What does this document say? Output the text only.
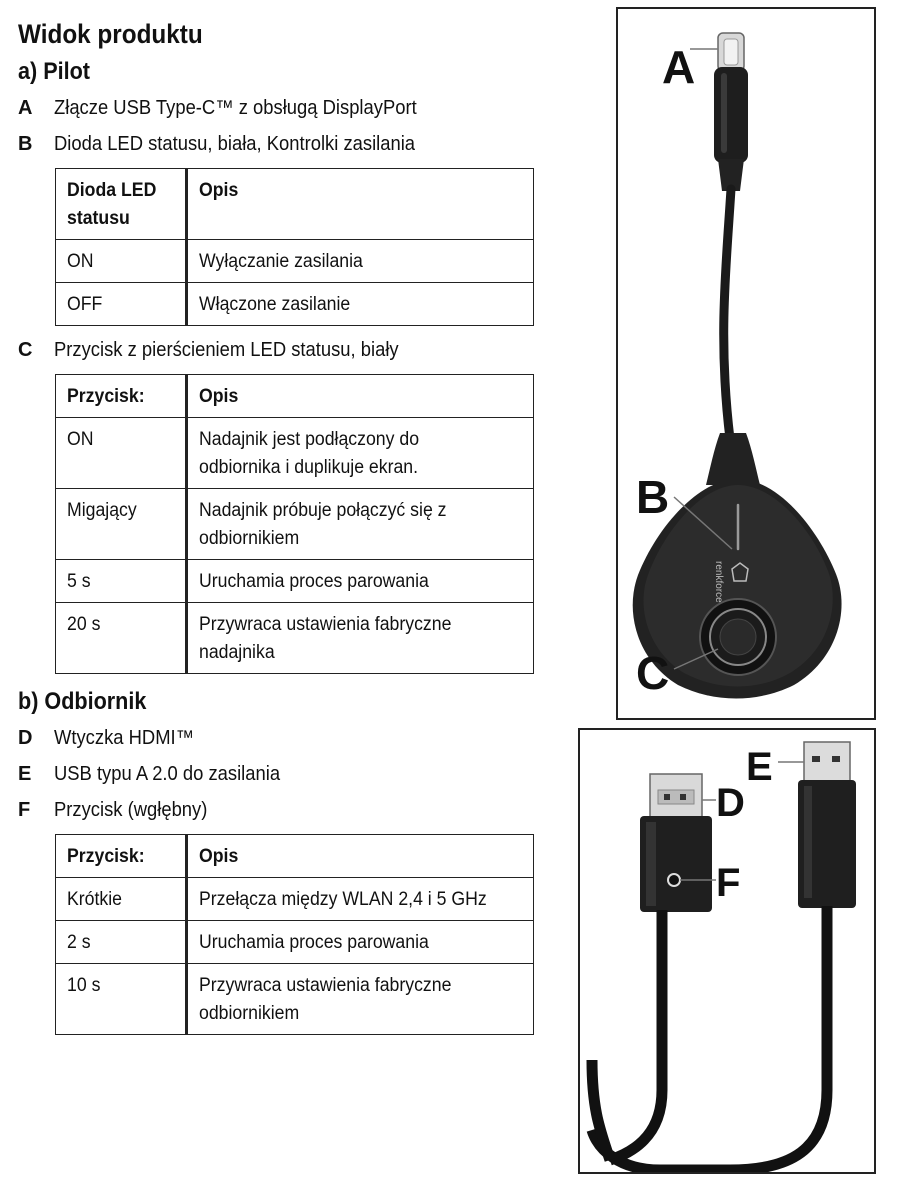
Widok produktu
a) Pilot
A	Złącze USB Type-C™ z obsługą DisplayPort
B	Dioda LED statusu, biała, Kontrolki zasilania
Dioda LED statusu	Opis
ON	Wyłączanie zasilania
OFF	Włączone zasilanie
C	Przycisk z pierścieniem LED statusu, biały
Przycisk:	Opis
ON	Nadajnik jest podłączony do odbiornika i duplikuje ekran.
Migający	Nadajnik próbuje połączyć się z odbiornikiem
5 s	Uruchamia proces parowania
20 s	Przywraca ustawienia fabryczne nadajnika
b) Odbiornik
D	Wtyczka HDMI™
E	USB typu A 2.0 do zasilania
F	Przycisk (wgłębny)
Przycisk:	Opis
Krótkie	Przełącza między WLAN 2,4 i 5 GHz
2 s	Uruchamia proces parowania
10 s	Przywraca ustawienia fabryczne odbiornikiem
renkforce
A
B
C
E
D
F
